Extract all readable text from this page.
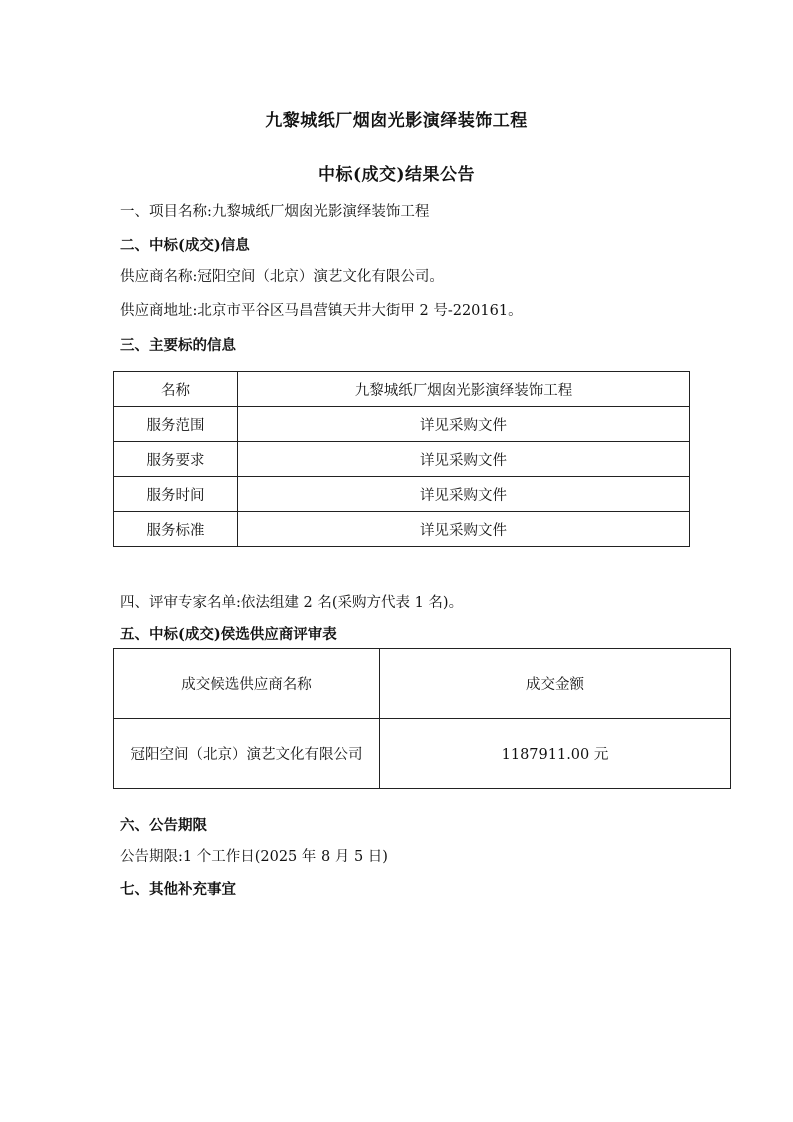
九黎城纸厂烟囱光影演绎装饰工程
中标(成交)结果公告
一、项目名称:九黎城纸厂烟囱光影演绎装饰工程
二、中标(成交)信息
供应商名称:冠阳空间（北京）演艺文化有限公司。
供应商地址:北京市平谷区马昌营镇天井大街甲 2 号-220161。
三、主要标的信息
名称	九黎城纸厂烟囱光影演绎装饰工程
服务范围	详见采购文件
服务要求	详见采购文件
服务时间	详见采购文件
服务标准	详见采购文件
四、评审专家名单:依法组建 2 名(采购方代表 1 名)。
五、中标(成交)侯选供应商评审表
成交候选供应商名称	成交金额
冠阳空间（北京）演艺文化有限公司	1187911.00 元
六、公告期限
公告期限:1 个工作日(2025 年 8 月 5 日)
七、其他补充事宜
